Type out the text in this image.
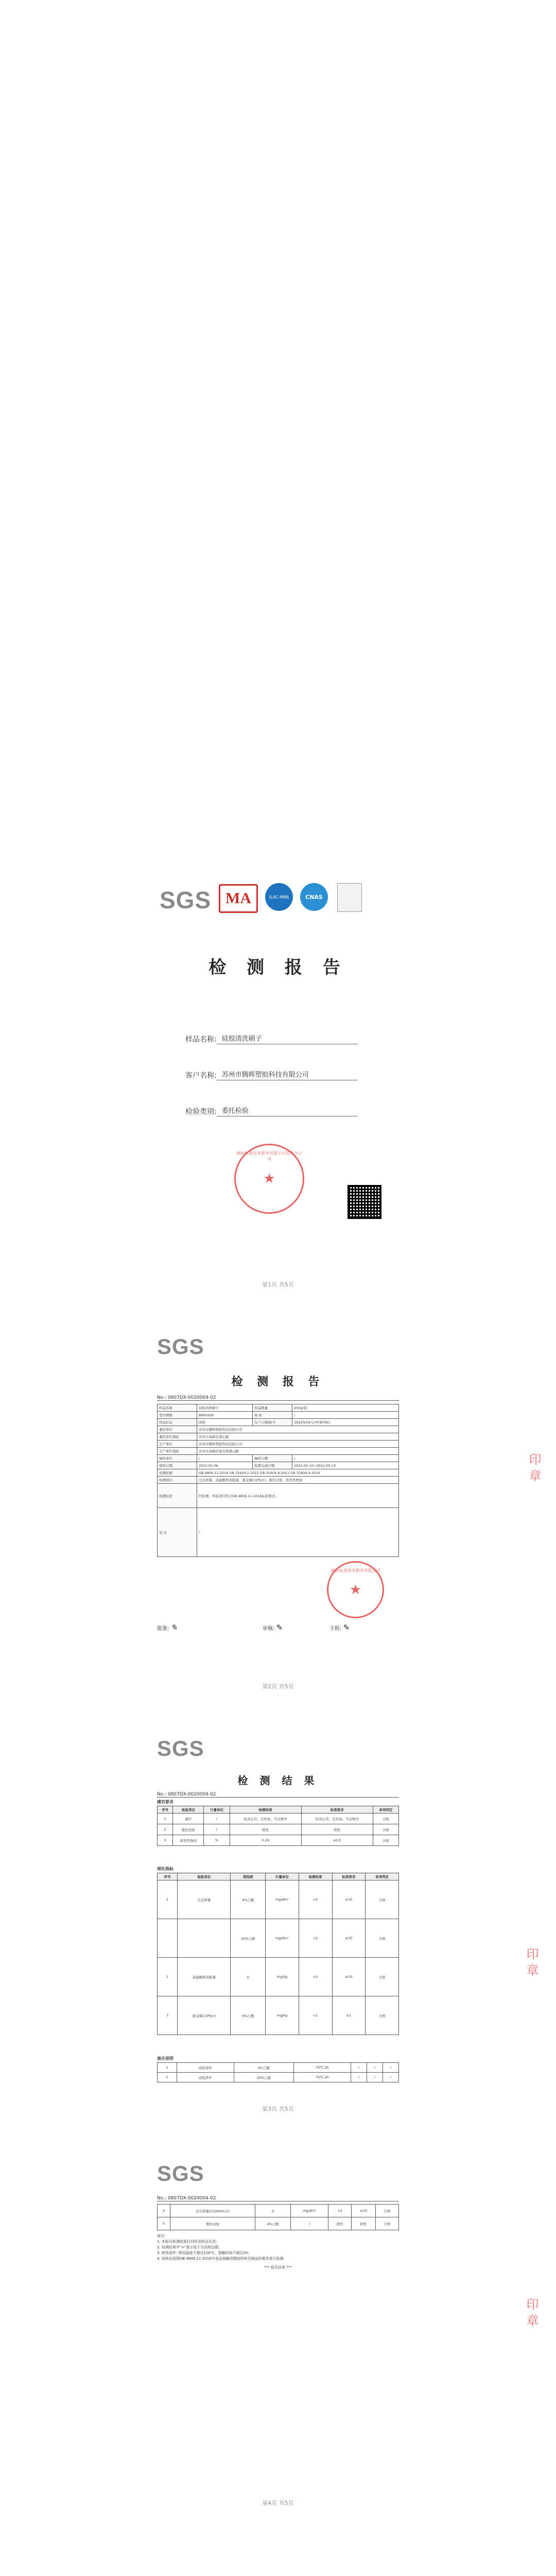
SGS MA	ILAC-MRA	CNAS
检 测 报 告
样品名称: 硅胶清洗刷子
客户名称: 苏州市腾晖塑胶科技有限公司
检验类别: 委托检验
★
通标标准技术服务有限公司苏州分公司
第1页 共5页
SGS
检 测 报 告
No.: 0807DX-0020004-02
样品名称	硅胶清洗刷子	样品数量	450g/袋
型号规格	BPA1008	商 标	/
样品状态	固体	生产日期/批号	2022年04月/YP-BT001
委托单位	苏州市腾晖塑胶科技有限公司		
委托单位地址	苏州市高新区嵩山路		
生产单位	苏州市腾晖塑胶科技有限公司		
生产单位地址	苏州市高新区通安镇嵩山路		
抽样单位	/	抽样日期	/
收样日期	2022-05-06	检测完成日期	2022-05-10~2022-05-13
检测依据	GB 4806.11-2016 GB 31604.1-2015 GB 31604.8-2021 GB 31604.9-2016		
检测项目	总迁移量、高锰酸钾消耗量、重金属(以Pb计)、脱色试验、挥发性物质		
检测结论	经检测，所检项目符合GB 4806.11-2016标准要求。		
备 注	/		
★
通标标准技术服务有限公司
印 章
批准: ✎	审核: ✎	主检: ✎
第2页 共5页
SGS
检 测 结 果
No.: 0807DX-0020004-02
感官要求
序号	检验项目	计量单位	检测结果	标准要求	单项判定
1	感官	/	色泽正常，无异臭、不洁物等	色泽正常，无异臭、不洁物等	合格
2	脱色试验	/	阴性	阴性	合格
3	挥发性物质	%	0.24	≤0.5	合格
理化指标
序号	检验项目	浸泡液	计量单位	检测结果	标准要求	单项判定
1	总迁移量	4%乙酸	mg/dm²	<2	≤10	合格
		20%乙醇	mg/dm²	<2	≤10	合格
2	高锰酸钾消耗量	水	mg/kg	<2	≤10	合格
3	重金属(以Pb计)	4%乙酸	mg/kg	<1	≤1	合格
备注说明
1	浸泡条件	4%乙酸	70℃,2h	/	/	/
2	浸泡条件	20%乙醇	70℃,2h	/	/	/
印 章
第3页 共5页
SGS
No.: 0807DX-0020004-02
4	总迁移量(以100mL计)	水	mg/dm²	<2	≤10	合格
5	脱色试验	4%乙酸	/	阴性	阴性	合格
备注:
1. 本报告检测结果仅对所送样品负责;
2. 检测结果中"<"表示低于方法检出限;
3. 使用条件: 使用温度不超过100℃，接触时间不超过2h;
4. 该样品按照GB 4806.11-2016中食品接触用橡胶材料及制品的要求进行检测。
*** 报告结束 ***
印 章
第4页 共5页
